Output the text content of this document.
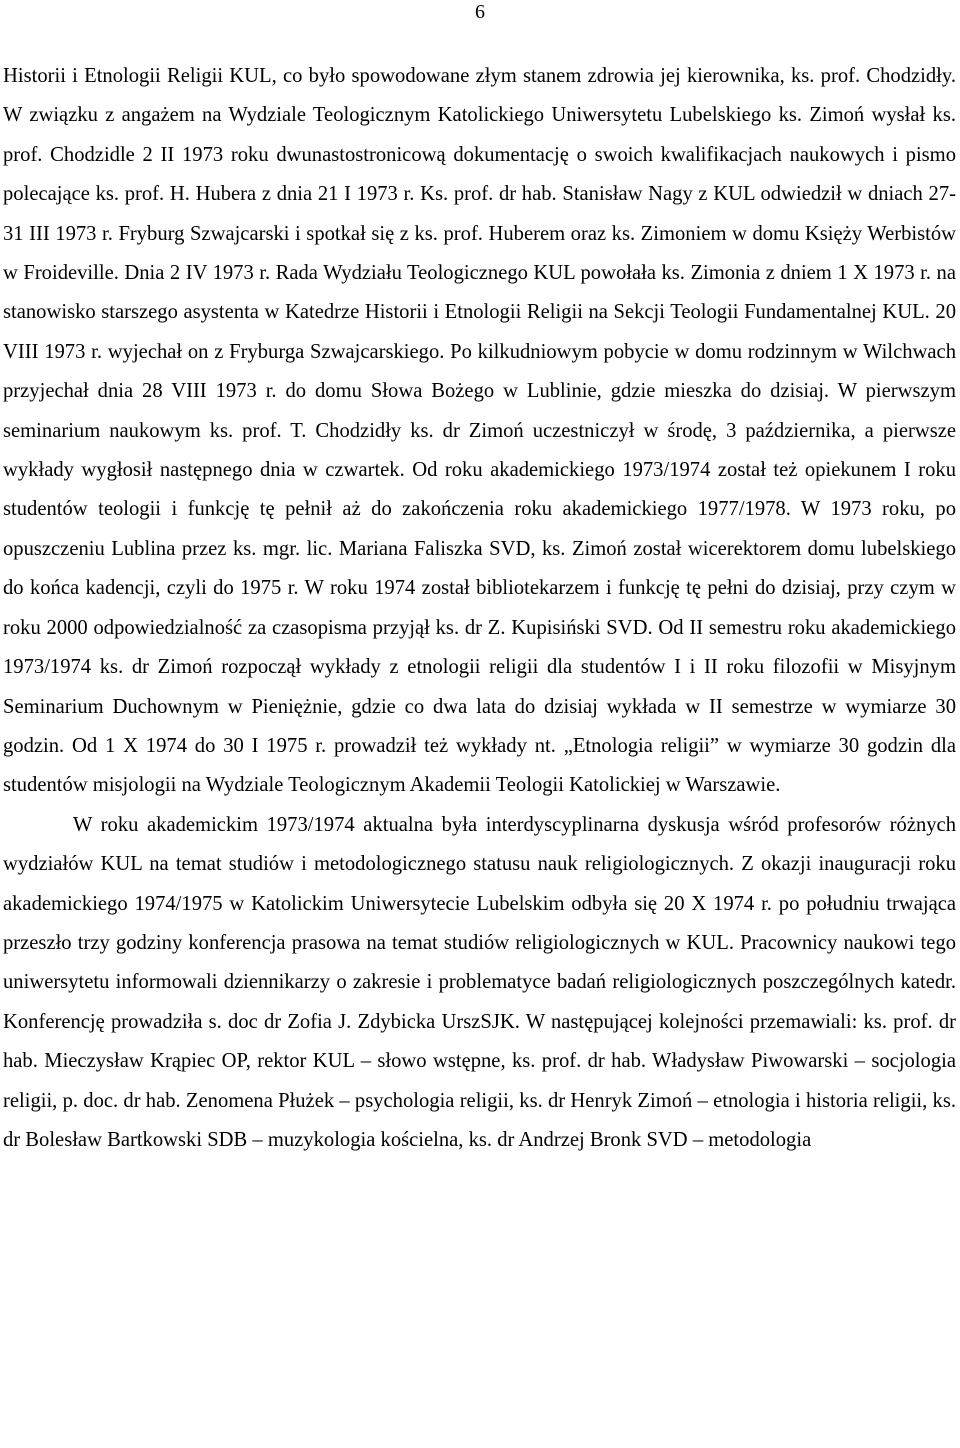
6

Historii i Etnologii Religii KUL, co było spowodowane złym stanem zdrowia jej kierownika, ks. prof. Chodzidły. W związku z angażem na Wydziale Teologicznym Katolickiego Uniwersytetu Lubelskiego ks. Zimoń wysłał ks. prof. Chodzidle 2 II 1973 roku dwunastostronicową dokumentację o swoich kwalifikacjach naukowych i pismo polecające ks. prof. H. Hubera z dnia 21 I 1973 r. Ks. prof. dr hab. Stanisław Nagy z KUL odwiedził w dniach 27-31 III 1973 r. Fryburg Szwajcarski i spotkał się z ks. prof. Huberem oraz ks. Zimoniem w domu Księży Werbistów w Froideville. Dnia 2 IV 1973 r. Rada Wydziału Teologicznego KUL powołała ks. Zimonia z dniem 1 X 1973 r. na stanowisko starszego asystenta w Katedrze Historii i Etnologii Religii na Sekcji Teologii Fundamentalnej KUL. 20 VIII 1973 r. wyjechał on z Fryburga Szwajcarskiego. Po kilkudniowym pobycie w domu rodzinnym w Wilchwach przyjechał dnia 28 VIII 1973 r. do domu Słowa Bożego w Lublinie, gdzie mieszka do dzisiaj. W pierwszym seminarium naukowym ks. prof. T. Chodzidły ks. dr Zimoń uczestniczył w środę, 3 października, a pierwsze wykłady wygłosił następnego dnia w czwartek. Od roku akademickiego 1973/1974 został też opiekunem I roku studentów teologii i funkcję tę pełnił aż do zakończenia roku akademickiego 1977/1978. W 1973 roku, po opuszczeniu Lublina przez ks. mgr. lic. Mariana Faliszka SVD, ks. Zimoń został wicerektorem domu lubelskiego do końca kadencji, czyli do 1975 r. W roku 1974 został bibliotekarzem i funkcję tę pełni do dzisiaj, przy czym w roku 2000 odpowiedzialność za czasopisma przyjął ks. dr Z. Kupisiński SVD. Od II semestru roku akademickiego 1973/1974 ks. dr Zimoń rozpoczął wykłady z etnologii religii dla studentów I i II roku filozofii w Misyjnym Seminarium Duchownym w Pieniężnie, gdzie co dwa lata do dzisiaj wykłada w II semestrze w wymiarze 30 godzin. Od 1 X 1974 do 30 I 1975 r. prowadził też wykłady nt. „Etnologia religii” w wymiarze 30 godzin dla studentów misjologii na Wydziale Teologicznym Akademii Teologii Katolickiej w Warszawie.

W roku akademickim 1973/1974 aktualna była interdyscyplinarna dyskusja wśród profesorów różnych wydziałów KUL na temat studiów i metodologicznego statusu nauk religiologicznych. Z okazji inauguracji roku akademickiego 1974/1975 w Katolickim Uniwersytecie Lubelskim odbyła się 20 X 1974 r. po południu trwająca przeszło trzy godziny konferencja prasowa na temat studiów religiologicznych w KUL. Pracownicy naukowi tego uniwersytetu informowali dziennikarzy o zakresie i problematyce badań religiologicznych poszczególnych katedr. Konferencję prowadziła s. doc dr Zofia J. Zdybicka UrszSJK. W następującej kolejności przemawiali: ks. prof. dr hab. Mieczysław Krąpiec OP, rektor KUL – słowo wstępne, ks. prof. dr hab. Władysław Piwowarski – socjologia religii, p. doc. dr hab. Zenomena Płużek – psychologia religii, ks. dr Henryk Zimoń – etnologia i historia religii, ks. dr Bolesław Bartkowski SDB – muzykologia kościelna, ks. dr Andrzej Bronk SVD – metodologia
